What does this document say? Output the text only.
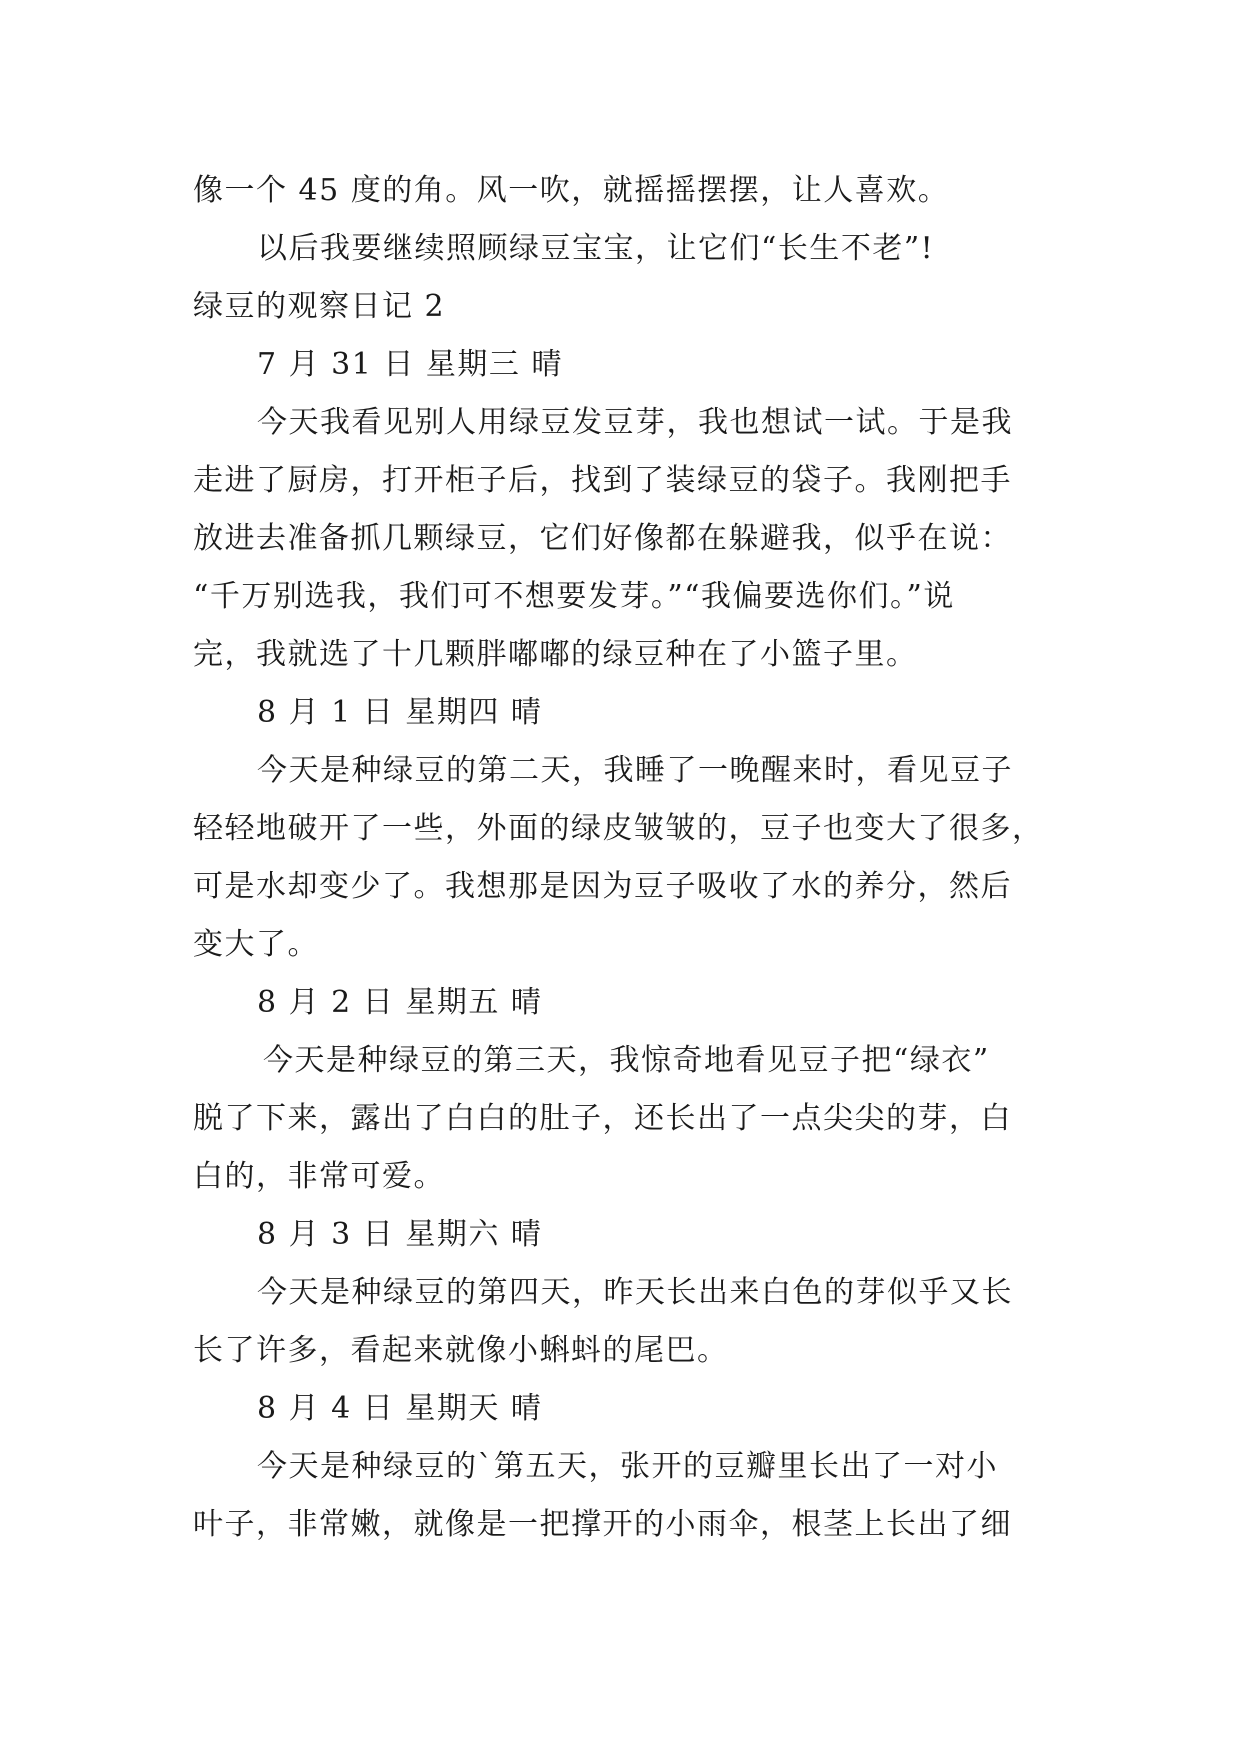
像一个 45 度的角。风一吹，就摇摇摆摆，让人喜欢。
以后我要继续照顾绿豆宝宝，让它们“长生不老”!
绿豆的观察日记 2
7 月 31 日 星期三 晴
今天我看见别人用绿豆发豆芽，我也想试一试。于是我
走进了厨房，打开柜子后，找到了装绿豆的袋子。我刚把手
放进去准备抓几颗绿豆，它们好像都在躲避我，似乎在说：
“千万别选我，我们可不想要发芽。”“我偏要选你们。”说
完，我就选了十几颗胖嘟嘟的绿豆种在了小篮子里。
8 月 1 日 星期四 晴
今天是种绿豆的第二天，我睡了一晚醒来时，看见豆子
轻轻地破开了一些，外面的绿皮皱皱的，豆子也变大了很多，
可是水却变少了。我想那是因为豆子吸收了水的养分，然后
变大了。
8 月 2 日 星期五 晴
今天是种绿豆的第三天，我惊奇地看见豆子把“绿衣”
脱了下来，露出了白白的肚子，还长出了一点尖尖的芽，白
白的，非常可爱。
8 月 3 日 星期六 晴
今天是种绿豆的第四天，昨天长出来白色的芽似乎又长
长了许多，看起来就像小蝌蚪的尾巴。
8 月 4 日 星期天 晴
今天是种绿豆的`第五天，张开的豆瓣里长出了一对小
叶子，非常嫩，就像是一把撑开的小雨伞，根茎上长出了细
